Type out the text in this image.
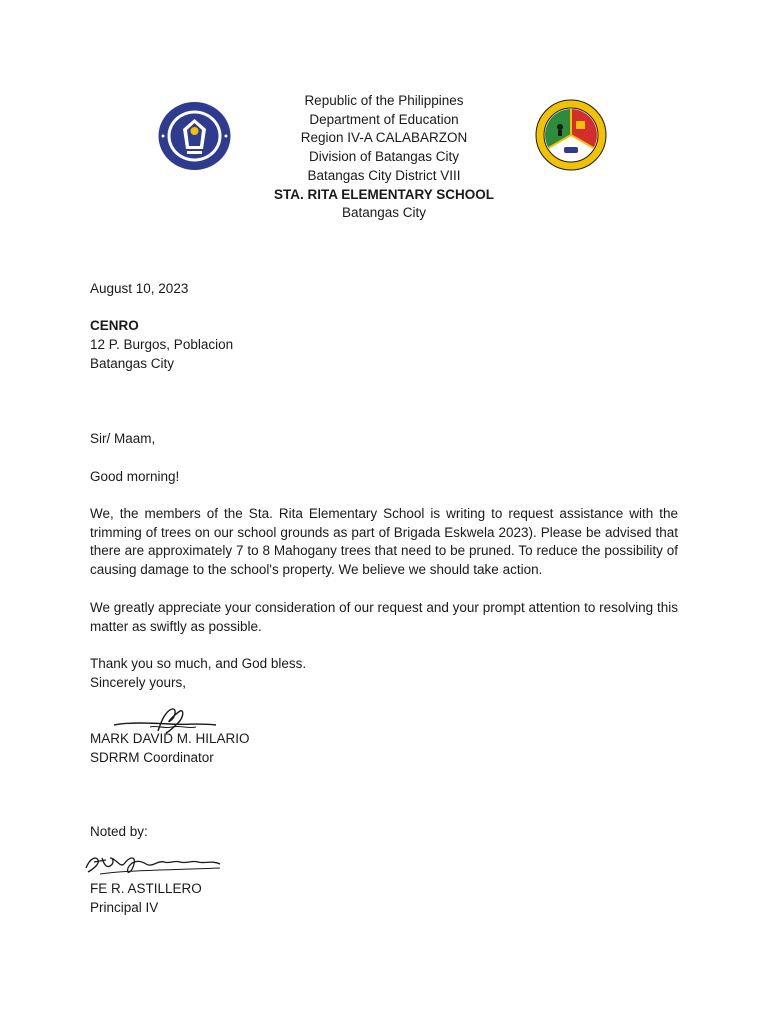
Republic of the Philippines
Department of Education
Region IV-A CALABARZON
Division of Batangas City
Batangas City District VIII
STA. RITA ELEMENTARY SCHOOL
Batangas City
August 10, 2023
CENRO
12 P. Burgos, Poblacion
Batangas City
Sir/ Maam,
Good morning!
We, the members of the Sta. Rita Elementary School is writing to request assistance with the trimming of trees on our school grounds as part of Brigada Eskwela 2023). Please be advised that there are approximately 7 to 8 Mahogany trees that need to be pruned. To reduce the possibility of causing damage to the school's property. We believe we should take action.
We greatly appreciate your consideration of our request and your prompt attention to resolving this matter as swiftly as possible.
Thank you so much, and God bless.
Sincerely yours,
MARK DAVID M. HILARIO
SDRRM Coordinator
Noted by:
FE R. ASTILLERO
Principal IV
